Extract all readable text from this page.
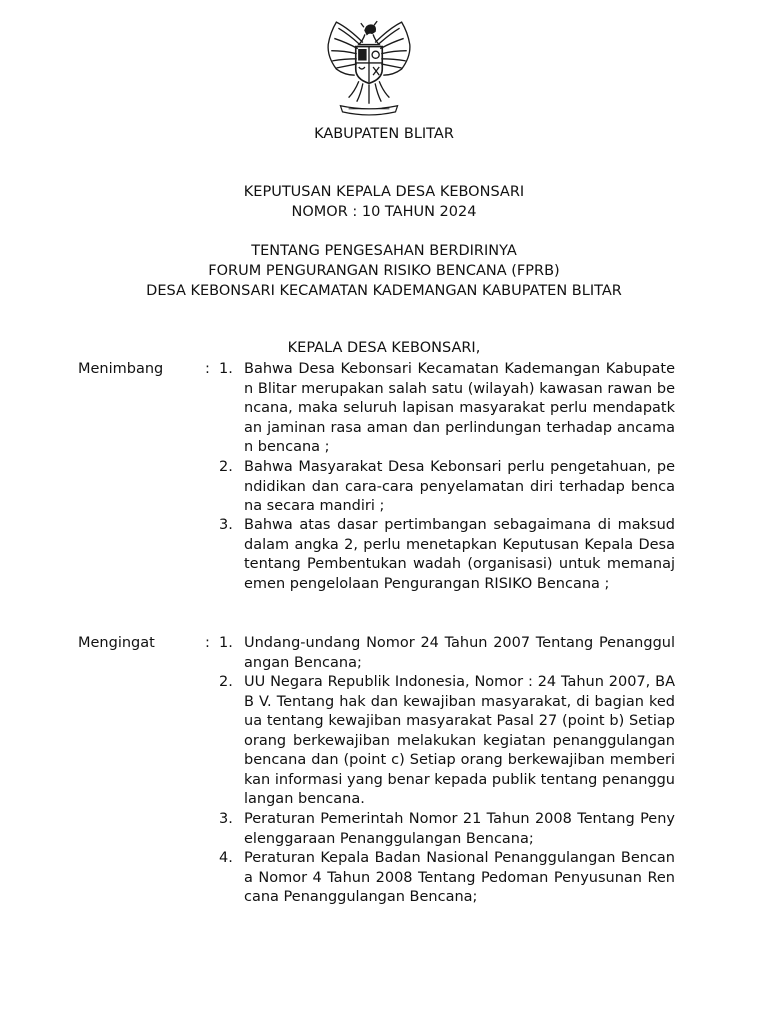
KABUPATEN BLITAR
KEPUTUSAN KEPALA DESA KEBONSARI
NOMOR : 10 TAHUN 2024
TENTANG PENGESAHAN BERDIRINYA
FORUM PENGURANGAN RISIKO BENCANA (FPRB)
DESA KEBONSARI KECAMATAN KADEMANGAN KABUPATEN BLITAR
KEPALA DESA KEBONSARI,
Menimbang	: 1. Bahwa Desa Kebonsari Kecamatan Kademangan Kabupaten Blitar merupakan salah satu (wilayah) kawasan rawan bencana, maka seluruh lapisan masyarakat perlu mendapatkan jaminan rasa aman dan perlindungan terhadap ancaman bencana ;
2. Bahwa Masyarakat Desa Kebonsari perlu pengetahuan, pendidikan dan cara-cara penyelamatan diri terhadap bencana secara mandiri ;
3. Bahwa atas dasar pertimbangan sebagaimana di maksud dalam angka 2, perlu menetapkan Keputusan Kepala Desa tentang Pembentukan wadah (organisasi) untuk memanajemen pengelolaan Pengurangan RISIKO Bencana ;
Mengingat	: 1. Undang-undang Nomor 24 Tahun 2007 Tentang Penanggulangan Bencana;
2. UU Negara Republik Indonesia, Nomor : 24 Tahun 2007, BAB V. Tentang hak dan kewajiban masyarakat, di bagian kedua tentang kewajiban masyarakat Pasal 27 (point b) Setiap orang berkewajiban melakukan kegiatan penanggulangan bencana dan (point c) Setiap orang berkewajiban memberikan informasi yang benar kepada publik tentang penanggulangan bencana.
3. Peraturan Pemerintah Nomor 21 Tahun 2008 Tentang Penyelenggaraan Penanggulangan Bencana;
4. Peraturan Kepala Badan Nasional Penanggulangan Bencana Nomor 4 Tahun 2008 Tentang Pedoman Penyusunan Rencana Penanggulangan Bencana;
